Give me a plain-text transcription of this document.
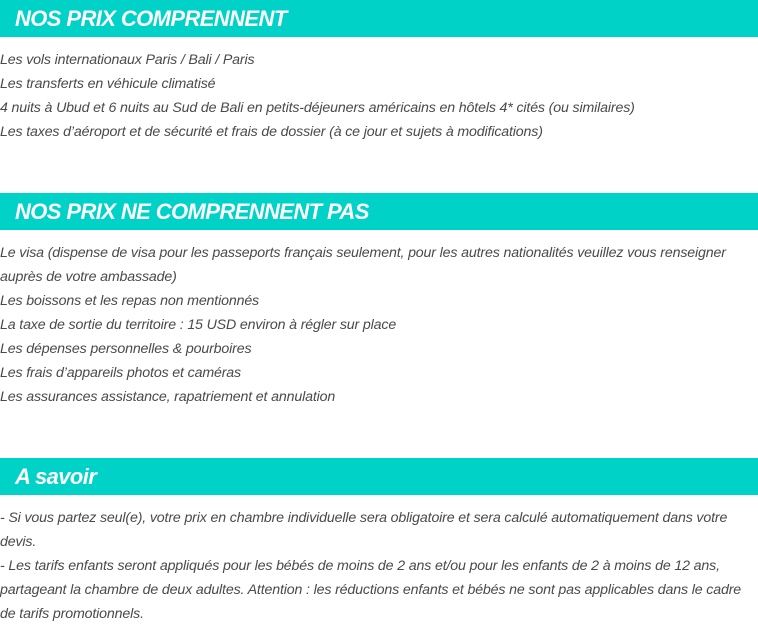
NOS PRIX COMPRENNENT
Les vols internationaux Paris / Bali / Paris
Les transferts en véhicule climatisé
4 nuits à Ubud et 6 nuits au Sud de Bali en petits-déjeuners américains en hôtels 4* cités (ou similaires)
Les taxes d’aéroport et de sécurité et frais de dossier (à ce jour et sujets à modifications)
NOS PRIX NE COMPRENNENT PAS
Le visa (dispense de visa pour les passeports français seulement, pour les autres nationalités veuillez vous renseigner
auprès de votre ambassade)
Les boissons et les repas non mentionnés
La taxe de sortie du territoire : 15 USD environ à régler sur place
Les dépenses personnelles & pourboires
Les frais d’appareils photos et caméras
Les assurances assistance, rapatriement et annulation
A savoir
- Si vous partez seul(e), votre prix en chambre individuelle sera obligatoire et sera calculé automatiquement dans votre
devis.
- Les tarifs enfants seront appliqués pour les bébés de moins de 2 ans et/ou pour les enfants de 2 à moins de 12 ans,
partageant la chambre de deux adultes. Attention : les réductions enfants et bébés ne sont pas applicables dans le cadre
de tarifs promotionnels.
